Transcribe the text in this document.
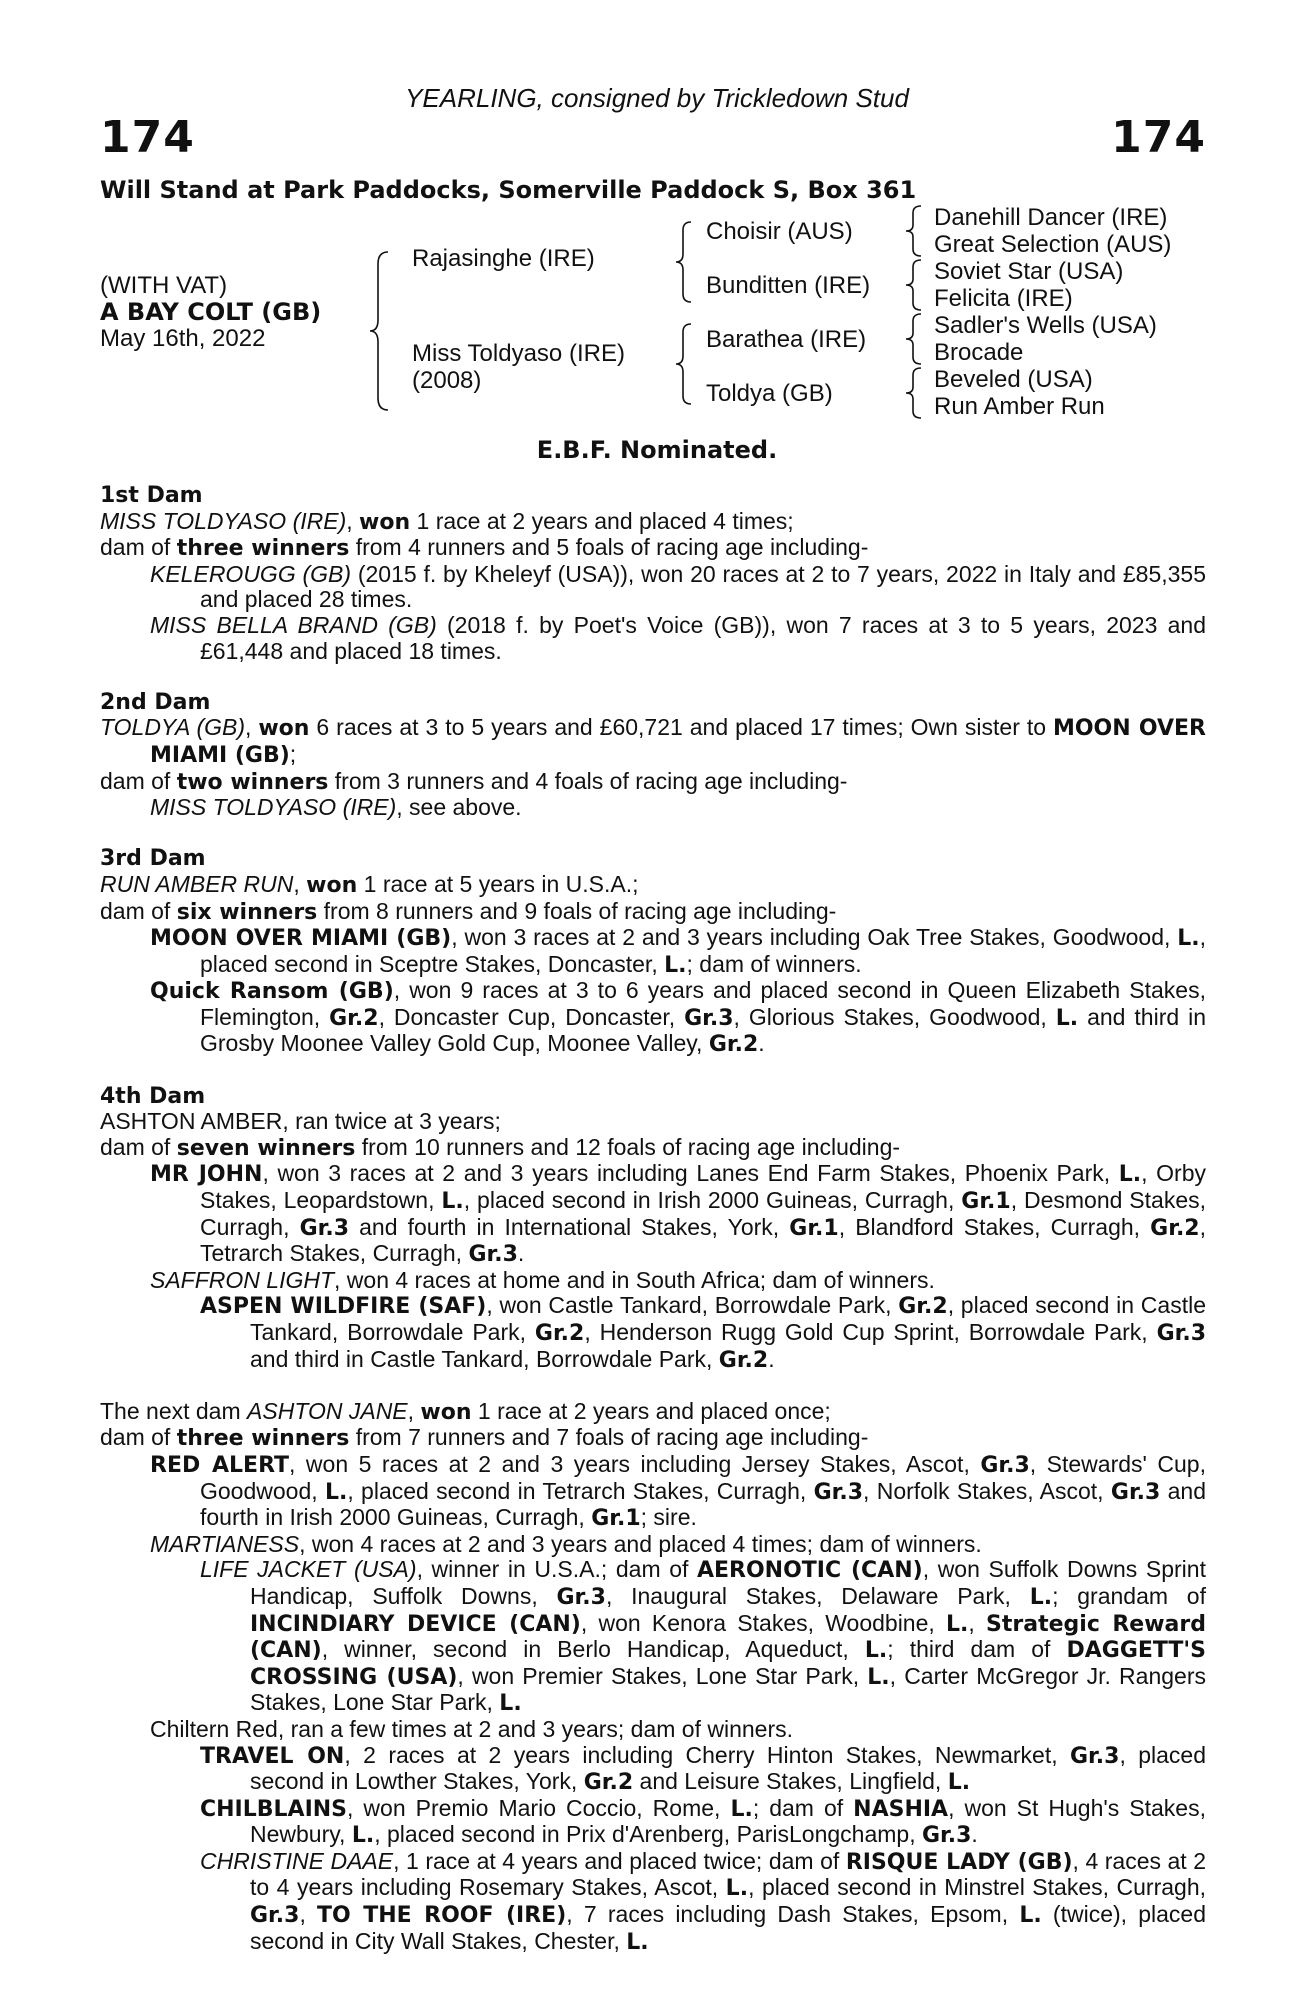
YEARLING, consigned by Trickledown Stud
174	174
Will Stand at Park Paddocks, Somerville Paddock S, Box 361
(WITH VAT)
A BAY COLT (GB)
May 16th, 2022
Rajasinghe (IRE)
Miss Toldyaso (IRE)
(2008)
Choisir (AUS)
Bunditten (IRE)
Barathea (IRE)
Toldya (GB)
Danehill Dancer (IRE)
Great Selection (AUS)
Soviet Star (USA)
Felicita (IRE)
Sadler's Wells (USA)
Brocade
Beveled (USA)
Run Amber Run
E.B.F. Nominated.

1st Dam

MISS TOLDYASO (IRE), won 1 race at 2 years and placed 4 times;

dam of three winners from 4 runners and 5 foals of racing age including-

KELEROUGG (GB) (2015 f. by Kheleyf (USA)), won 20 races at 2 to 7 years, 2022 in Italy and £85,355 and placed 28 times.

MISS BELLA BRAND (GB) (2018 f. by Poet's Voice (GB)), won 7 races at 3 to 5 years, 2023 and £61,448 and placed 18 times.

2nd Dam

TOLDYA (GB), won 6 races at 3 to 5 years and £60,721 and placed 17 times; Own sister to MOON OVER MIAMI (GB);

dam of two winners from 3 runners and 4 foals of racing age including-

MISS TOLDYASO (IRE), see above.

3rd Dam

RUN AMBER RUN, won 1 race at 5 years in U.S.A.;

dam of six winners from 8 runners and 9 foals of racing age including-

MOON OVER MIAMI (GB), won 3 races at 2 and 3 years including Oak Tree Stakes, Goodwood, L., placed second in Sceptre Stakes, Doncaster, L.; dam of winners.

Quick Ransom (GB), won 9 races at 3 to 6 years and placed second in Queen Elizabeth Stakes, Flemington, Gr.2, Doncaster Cup, Doncaster, Gr.3, Glorious Stakes, Goodwood, L. and third in Grosby Moonee Valley Gold Cup, Moonee Valley, Gr.2.

4th Dam

ASHTON AMBER, ran twice at 3 years;

dam of seven winners from 10 runners and 12 foals of racing age including-

MR JOHN, won 3 races at 2 and 3 years including Lanes End Farm Stakes, Phoenix Park, L., Orby Stakes, Leopardstown, L., placed second in Irish 2000 Guineas, Curragh, Gr.1, Desmond Stakes, Curragh, Gr.3 and fourth in International Stakes, York, Gr.1, Blandford Stakes, Curragh, Gr.2, Tetrarch Stakes, Curragh, Gr.3.

SAFFRON LIGHT, won 4 races at home and in South Africa; dam of winners.

ASPEN WILDFIRE (SAF), won Castle Tankard, Borrowdale Park, Gr.2, placed second in Castle Tankard, Borrowdale Park, Gr.2, Henderson Rugg Gold Cup Sprint, Borrowdale Park, Gr.3 and third in Castle Tankard, Borrowdale Park, Gr.2.

The next dam ASHTON JANE, won 1 race at 2 years and placed once;

dam of three winners from 7 runners and 7 foals of racing age including-

RED ALERT, won 5 races at 2 and 3 years including Jersey Stakes, Ascot, Gr.3, Stewards' Cup, Goodwood, L., placed second in Tetrarch Stakes, Curragh, Gr.3, Norfolk Stakes, Ascot, Gr.3 and fourth in Irish 2000 Guineas, Curragh, Gr.1; sire.

MARTIANESS, won 4 races at 2 and 3 years and placed 4 times; dam of winners.

LIFE JACKET (USA), winner in U.S.A.; dam of AERONOTIC (CAN), won Suffolk Downs Sprint Handicap, Suffolk Downs, Gr.3, Inaugural Stakes, Delaware Park, L.; grandam of INCINDIARY DEVICE (CAN), won Kenora Stakes, Woodbine, L., Strategic Reward (CAN), winner, second in Berlo Handicap, Aqueduct, L.; third dam of DAGGETT'S CROSSING (USA), won Premier Stakes, Lone Star Park, L., Carter McGregor Jr. Rangers Stakes, Lone Star Park, L.

Chiltern Red, ran a few times at 2 and 3 years; dam of winners.

TRAVEL ON, 2 races at 2 years including Cherry Hinton Stakes, Newmarket, Gr.3, placed second in Lowther Stakes, York, Gr.2 and Leisure Stakes, Lingfield, L.

CHILBLAINS, won Premio Mario Coccio, Rome, L.; dam of NASHIA, won St Hugh's Stakes, Newbury, L., placed second in Prix d'Arenberg, ParisLongchamp, Gr.3.

CHRISTINE DAAE, 1 race at 4 years and placed twice; dam of RISQUE LADY (GB), 4 races at 2 to 4 years including Rosemary Stakes, Ascot, L., placed second in Minstrel Stakes, Curragh, Gr.3, TO THE ROOF (IRE), 7 races including Dash Stakes, Epsom, L. (twice), placed second in City Wall Stakes, Chester, L.
